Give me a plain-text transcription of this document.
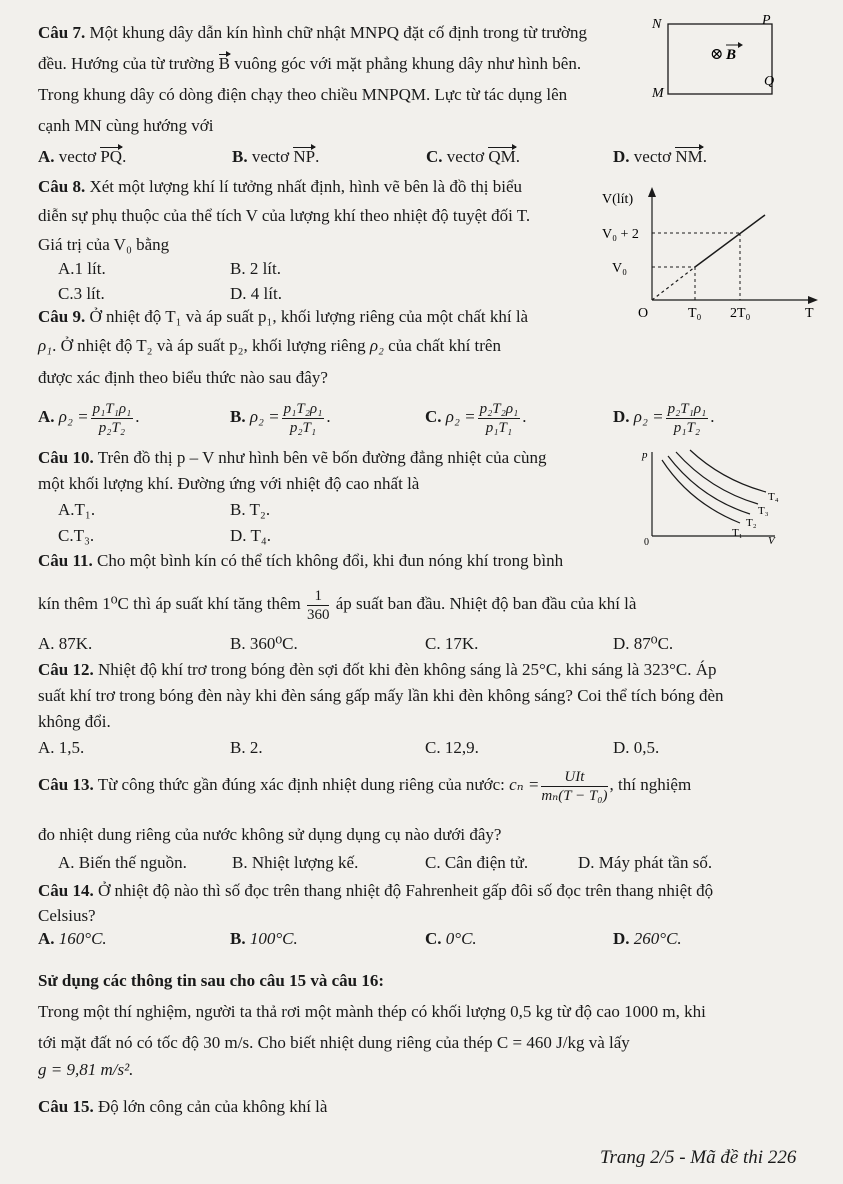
Câu 7. Một khung dây dẫn kín hình chữ nhật MNPQ đặt cố định trong từ trường
đều. Hướng của từ trường B vuông góc với mặt phẳng khung dây như hình bên.
Trong khung dây có dòng điện chạy theo chiều MNPQM. Lực từ tác dụng lên
cạnh MN cùng hướng với
A. vectơ PQ.	B. vectơ NP.	C. vectơ QM.	D. vectơ NM.
N	P
M
Q
⊗ B
Câu 8. Xét một lượng khí lí tưởng nhất định, hình vẽ bên là đồ thị biểu
diễn sự phụ thuộc của thể tích V của lượng khí theo nhiệt độ tuyệt đối T.
Giá trị của V₀ bằng
A.1 lít.	B. 2 lít.
C.3 lít.	D. 4 lít.
V(lít)
V₀ + 2
V₀
O	T₀ 2T₀	T
Câu 9. Ở nhiệt độ T₁ và áp suất p₁, khối lượng riêng của một chất khí là
ρ₁. Ở nhiệt độ T₂ và áp suất p₂, khối lượng riêng ρ₂ của chất khí trên
được xác định theo biểu thức nào sau đây?
A. $\rho_2 = \frac{\text{p₁T₁ρ₁}}{\text{p₂T₂}}$ .	B. $\rho_2 = \frac{\text{p₁T₂ρ₁}}{\text{p₂T₁}}$ .	C. $\rho_2 = \frac{\text{p₂T₂ρ₁}}{\text{p₁T₁}}$ .	D. $\rho_2 = \frac{\text{p₂T₁ρ₁}}{\text{p₁T₂}}$ .
Câu 10. Trên đồ thị p – V như hình bên vẽ bốn đường đẳng nhiệt của cùng
một khối lượng khí. Đường ứng với nhiệt độ cao nhất là
A.T₁.	B. T₂.
C.T₃.	D. T₄.
p
V
0
T₁
T₂
T₃
T₄
Câu 11. Cho một bình kín có thể tích không đổi, khi đun nóng khí trong bình
kín thêm 1⁰C thì áp suất khí tăng thêm $\frac{1}{360}$ áp suất ban đầu. Nhiệt độ ban đầu của khí là
A. 87K.	B. 360⁰C.	C. 17K.	D. 87⁰C.
Câu 12. Nhiệt độ khí trơ trong bóng đèn sợi đốt khi đèn không sáng là 25°C, khi sáng là 323°C. Áp
suất khí trơ trong bóng đèn này khi đèn sáng gấp mấy lần khi đèn không sáng? Coi thể tích bóng đèn
không đổi.
A. 1,5.	B. 2.	C. 12,9.	D. 0,5.
Câu 13. Từ công thức gần đúng xác định nhiệt dung riêng của nước: $c_n = \frac{\text{UIt}}{\text{mₙ(T − T₀)}}$ , thí nghiệm
đo nhiệt dung riêng của nước không sử dụng dụng cụ nào dưới đây?
A. Biến thế nguồn.	B. Nhiệt lượng kế.	C. Cân điện tử.	D. Máy phát tần số.
Câu 14. Ở nhiệt độ nào thì số đọc trên thang nhiệt độ Fahrenheit gấp đôi số đọc trên thang nhiệt độ
Celsius?
A. 160°C.	B. 100°C.	C. 0°C.	D. 260°C.
Sử dụng các thông tin sau cho câu 15 và câu 16:
Trong một thí nghiệm, người ta thả rơi một mành thép có khối lượng 0,5 kg từ độ cao 1000 m, khi
tới mặt đất nó có tốc độ 30 m/s. Cho biết nhiệt dung riêng của thép C = 460 J/kg và lấy
g = 9,81 m/s².
Câu 15. Độ lớn công cản của không khí là
Trang 2/5 - Mã đề thi 226
